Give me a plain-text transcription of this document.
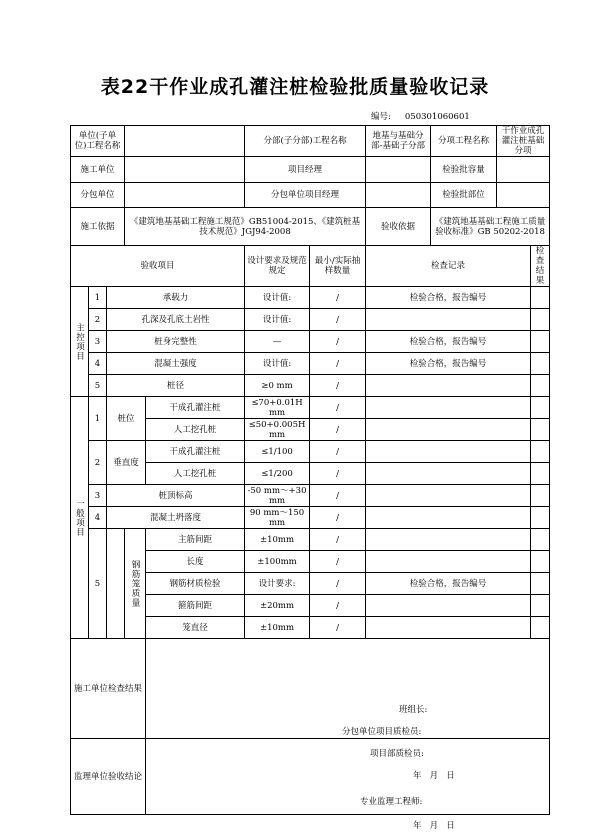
表22干作业成孔灌注桩检验批质量验收记录
编号: 050301060601
单位(子单位)工程名称					分部(子分部)工程名称		地基与基础分部-基础子分部	分项工程名称	干作业成孔灌注桩基础分项	
施工单位					项目经理			检验批容量		
分包单位					分包单位项目经理			检验批部位		
施工依据			《建筑地基基础工程施工规范》GB51004-2015、《建筑桩基技术规范》JGJ94-2008				验收依据	《建筑地基基础工程施工质量验收标准》GB 50202-2018		
验收项目					设计要求及规范规定	最小/实际抽样数量	检查记录			检查结果
主控项目	1	承载力			设计值:	/	检验合格，报告编号			
	2	孔深及孔底土岩性			设计值:	/				
	3	桩身完整性			—	/	检验合格，报告编号			
	4	混凝土强度			设计值:	/	检验合格，报告编号			
	5	桩径			≥0 mm	/				
一般项目	1	桩位		干成孔灌注桩	≤70+0.01H mm	/				
				人工挖孔桩	≤50+0.005H mm	/				
	2	垂直度		干成孔灌注桩	≤1/100	/				
				人工挖孔桩	≤1/200	/				
	3	桩顶标高			-50 mm～+30 mm	/				
	4	混凝土坍落度			90 mm～150 mm	/				
	5		钢筋笼质量	主筋间距	±10mm	/				
				长度	±100mm	/				
				钢筋材质检验	设计要求:	/	检验合格，报告编号			
				箍筋间距	±20mm	/				
				笼直径	±10mm	/				
施工单位检查结果				班组长:
分包单位项目质检员:
项目部质检员:
年   月   日						

监理单位验收结论				专业监理工程师:
年   月   日						
